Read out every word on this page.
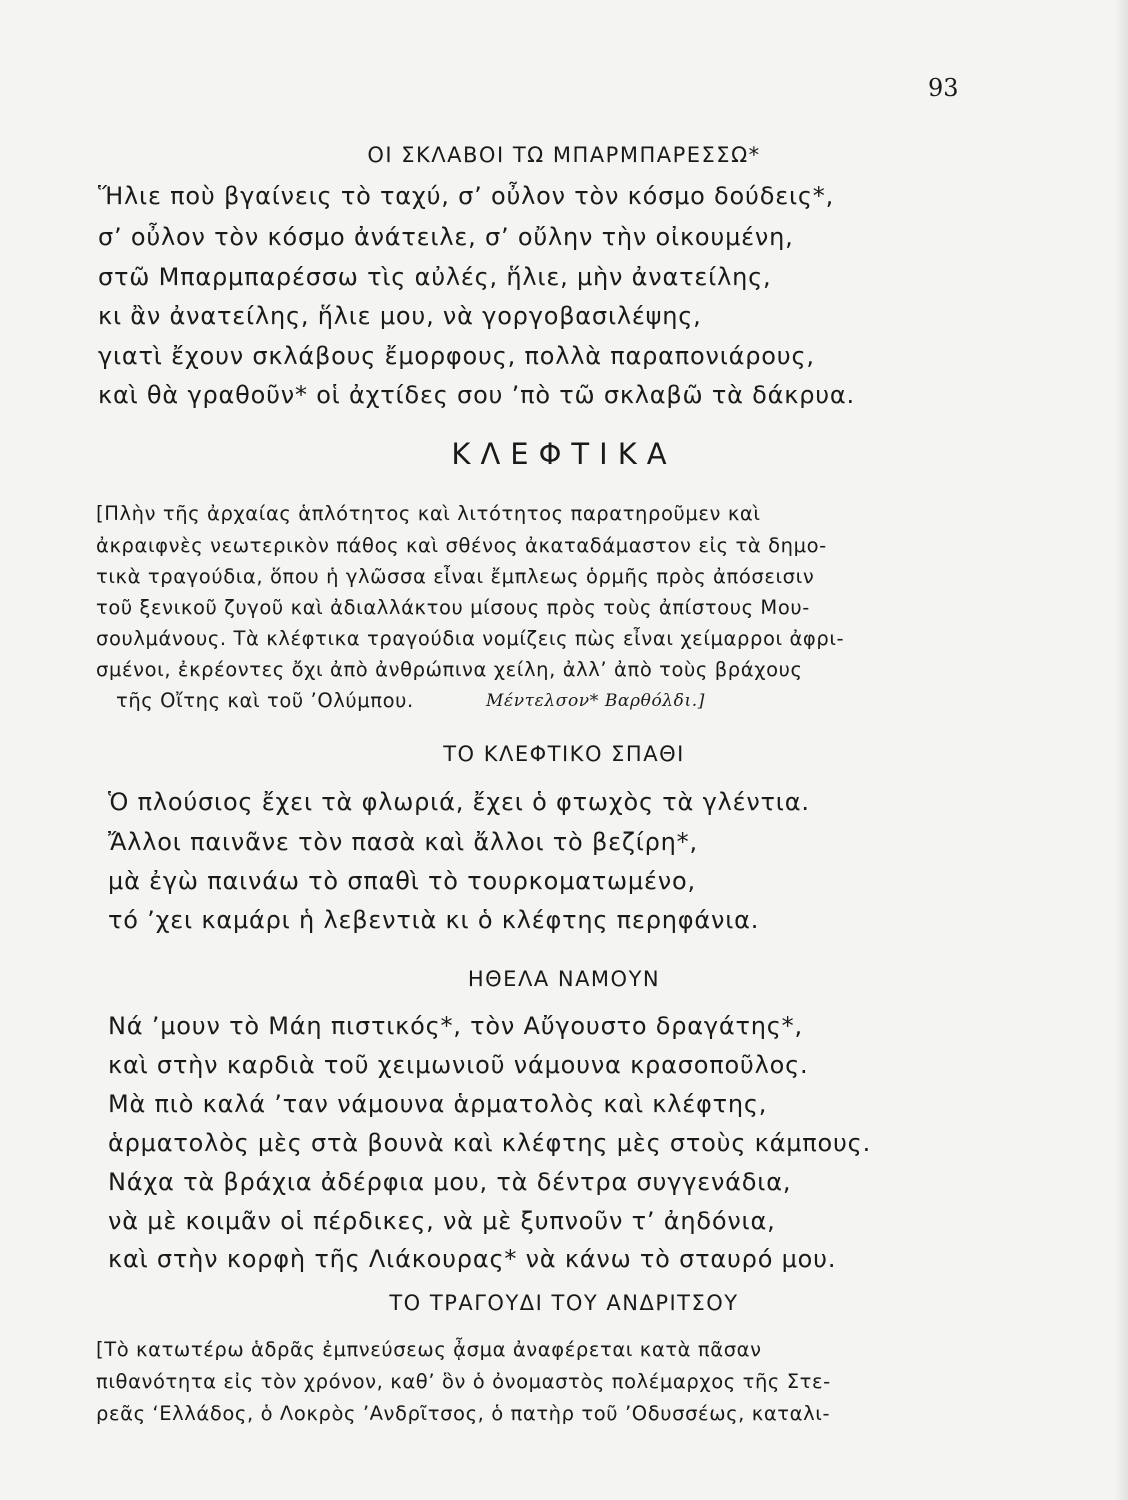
93
ΟΙ ΣΚΛΑΒΟΙ ΤΩ ΜΠΑΡΜΠΑΡΕΣΣΩ*
Ἥλιε ποὺ βγαίνεις τὸ ταχύ, σ’ οὖλον τὸν κόσμο δούδεις*,
σ’ οὖλον τὸν κόσμο ἀνάτειλε, σ’ οὔλην τὴν οἰκουμένη,
στῶ Μπαρμπαρέσσω τὶς αὐλές, ἥλιε, μὴν ἀνατείλης,
κι ἂν ἀνατείλης, ἥλιε μου, νὰ γοργοβασιλέψης,
γιατὶ ἔχουν σκλάβους ἔμορφους, πολλὰ παραπονιάρους,
καὶ θὰ γραθοῦν* οἱ ἀχτίδες σου ’πὸ τῶ σκλαβῶ τὰ δάκρυα.
ΚΛΕΦΤΙΚΑ
[Πλὴν τῆς ἀρχαίας ἁπλότητος καὶ λιτότητος παρατηροῦμεν καὶ
ἀκραιφνὲς νεωτερικὸν πάθος καὶ σθένος ἀκαταδάμαστον εἰς τὰ δημο-
τικὰ τραγούδια, ὅπου ἡ γλῶσσα εἶναι ἔμπλεως ὁρμῆς πρὸς ἀπόσεισιν
τοῦ ξενικοῦ ζυγοῦ καὶ ἀδιαλλάκτου μίσους πρὸς τοὺς ἀπίστους Μου-
σουλμάνους. Τὰ κλέφτικα τραγούδια νομίζεις πὼς εἶναι χείμαρροι ἀφρι-
σμένοι, ἐκρέοντες ὄχι ἀπὸ ἀνθρώπινα χείλη, ἀλλ’ ἀπὸ τοὺς βράχους
τῆς Οἴτης καὶ τοῦ ’Ολύμπου.	Μέντελσον* Βαρθόλδι.]
ΤΟ ΚΛΕΦΤΙΚΟ ΣΠΑΘΙ
Ὁ πλούσιος ἔχει τὰ φλωριά, ἔχει ὁ φτωχὸς τὰ γλέντια.
Ἄλλοι παινᾶνε τὸν πασὰ καὶ ἄλλοι τὸ βεζίρη*,
μὰ ἐγὼ παινάω τὸ σπαθὶ τὸ τουρκοματωμένο,
τό ’χει καμάρι ἡ λεβεντιὰ κι ὁ κλέφτης περηφάνια.
ΗΘΕΛΑ ΝΑΜΟΥΝ
Νά ’μουν τὸ Μάη πιστικός*, τὸν Αὔγουστο δραγάτης*,
καὶ στὴν καρδιὰ τοῦ χειμωνιοῦ νάμουνα κρασοποῦλος.
Μὰ πιὸ καλά ’ταν νάμουνα ἁρματολὸς καὶ κλέφτης,
ἁρματολὸς μὲς στὰ βουνὰ καὶ κλέφτης μὲς στοὺς κάμπους.
Νάχα τὰ βράχια ἀδέρφια μου, τὰ δέντρα συγγενάδια,
νὰ μὲ κοιμᾶν οἱ πέρδικες, νὰ μὲ ξυπνοῦν τ’ ἀηδόνια,
καὶ στὴν κορφὴ τῆς Λιάκουρας* νὰ κάνω τὸ σταυρό μου.
ΤΟ ΤΡΑΓΟΥΔΙ ΤΟΥ ΑΝΔΡΙΤΣΟΥ
[Τὸ κατωτέρω ἁδρᾶς ἐμπνεύσεως ᾆσμα ἀναφέρεται κατὰ πᾶσαν
πιθανότητα εἰς τὸν χρόνον, καθ’ ὃν ὁ ὀνομαστὸς πολέμαρχος τῆς Στε-
ρεᾶς ‘Ελλάδος, ὁ Λοκρὸς ’Ανδρῖτσος, ὁ πατὴρ τοῦ ’Οδυσσέως, καταλι-
